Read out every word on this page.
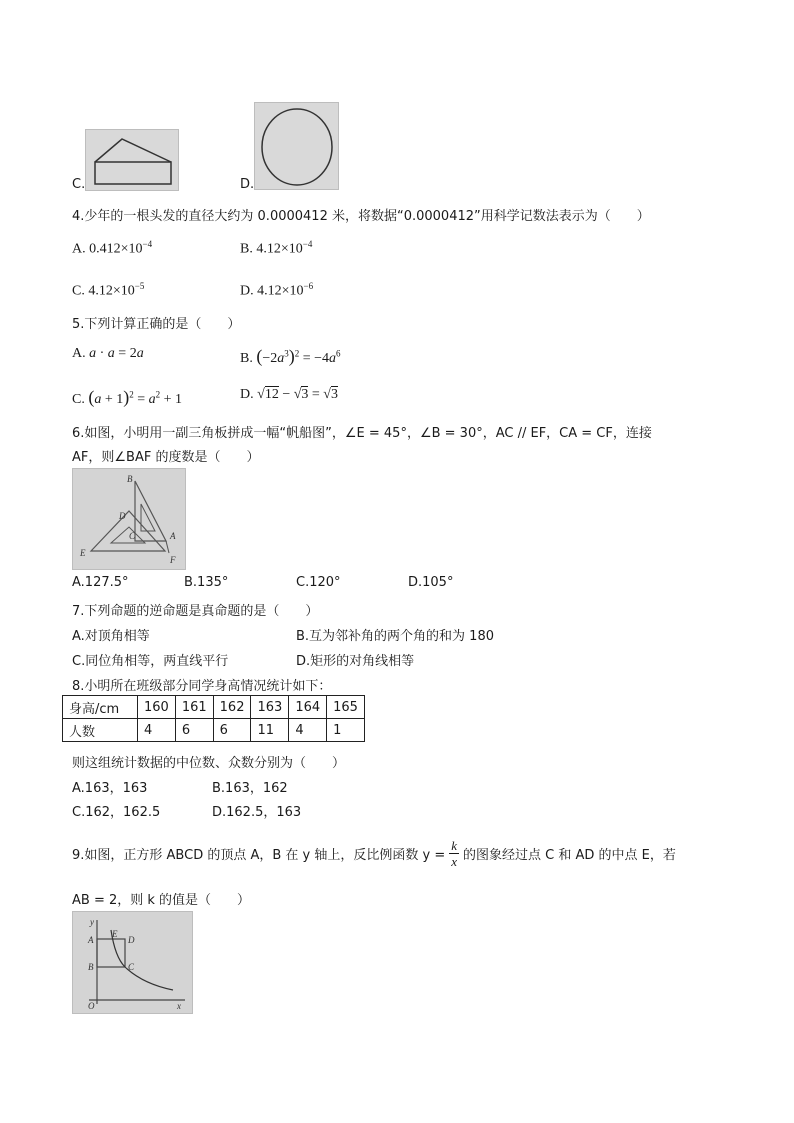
C.	D.
4.少年的一根头发的直径大约为 0.0000412 米，将数据“0.0000412”用科学记数法表示为（　　）
A. $0.412\times 10^{-4}$	B. $4.12\times 10^{-4}$
C. $4.12\times 10^{-5}$	D. $4.12\times 10^{-6}$
5.下列计算正确的是（　　）
A. a · a = 2a	B. $(-2a^3)^2 = -4a^6$
C. $(a + 1)^2 = a^2 + 1$	D. √12 − √3 = √3
6.如图，小明用一副三角板拼成一幅“帆船图”，∠E = 45°，∠B = 30°，AC // EF，CA = CF，连接
AF，则∠BAF 的度数是（　　）
B
D
C	A
E
F
A.127.5°	B.135°	C.120°	D.105°
7.下列命题的逆命题是真命题的是（　　）
A.对顶角相等	B.互为邻补角的两个角的和为 180
C.同位角相等，两直线平行	D.矩形的对角线相等
8.小明所在班级部分同学身高情况统计如下：
身高/cm	160	161	162	163	164	165
人数	4	6	6	11	4	1
则这组统计数据的中位数、众数分别为（　　）
A.163，163	B.163，162
C.162，162.5	D.162.5，163
9.如图，正方形 ABCD 的顶点 A，B 在 y 轴上，反比例函数 $y = \frac{k}{x}$ 的图象经过点 C 和 AD 的中点 E，若
AB = 2，则 k 的值是（　　）
y
A
E
D
B	C
O	x
